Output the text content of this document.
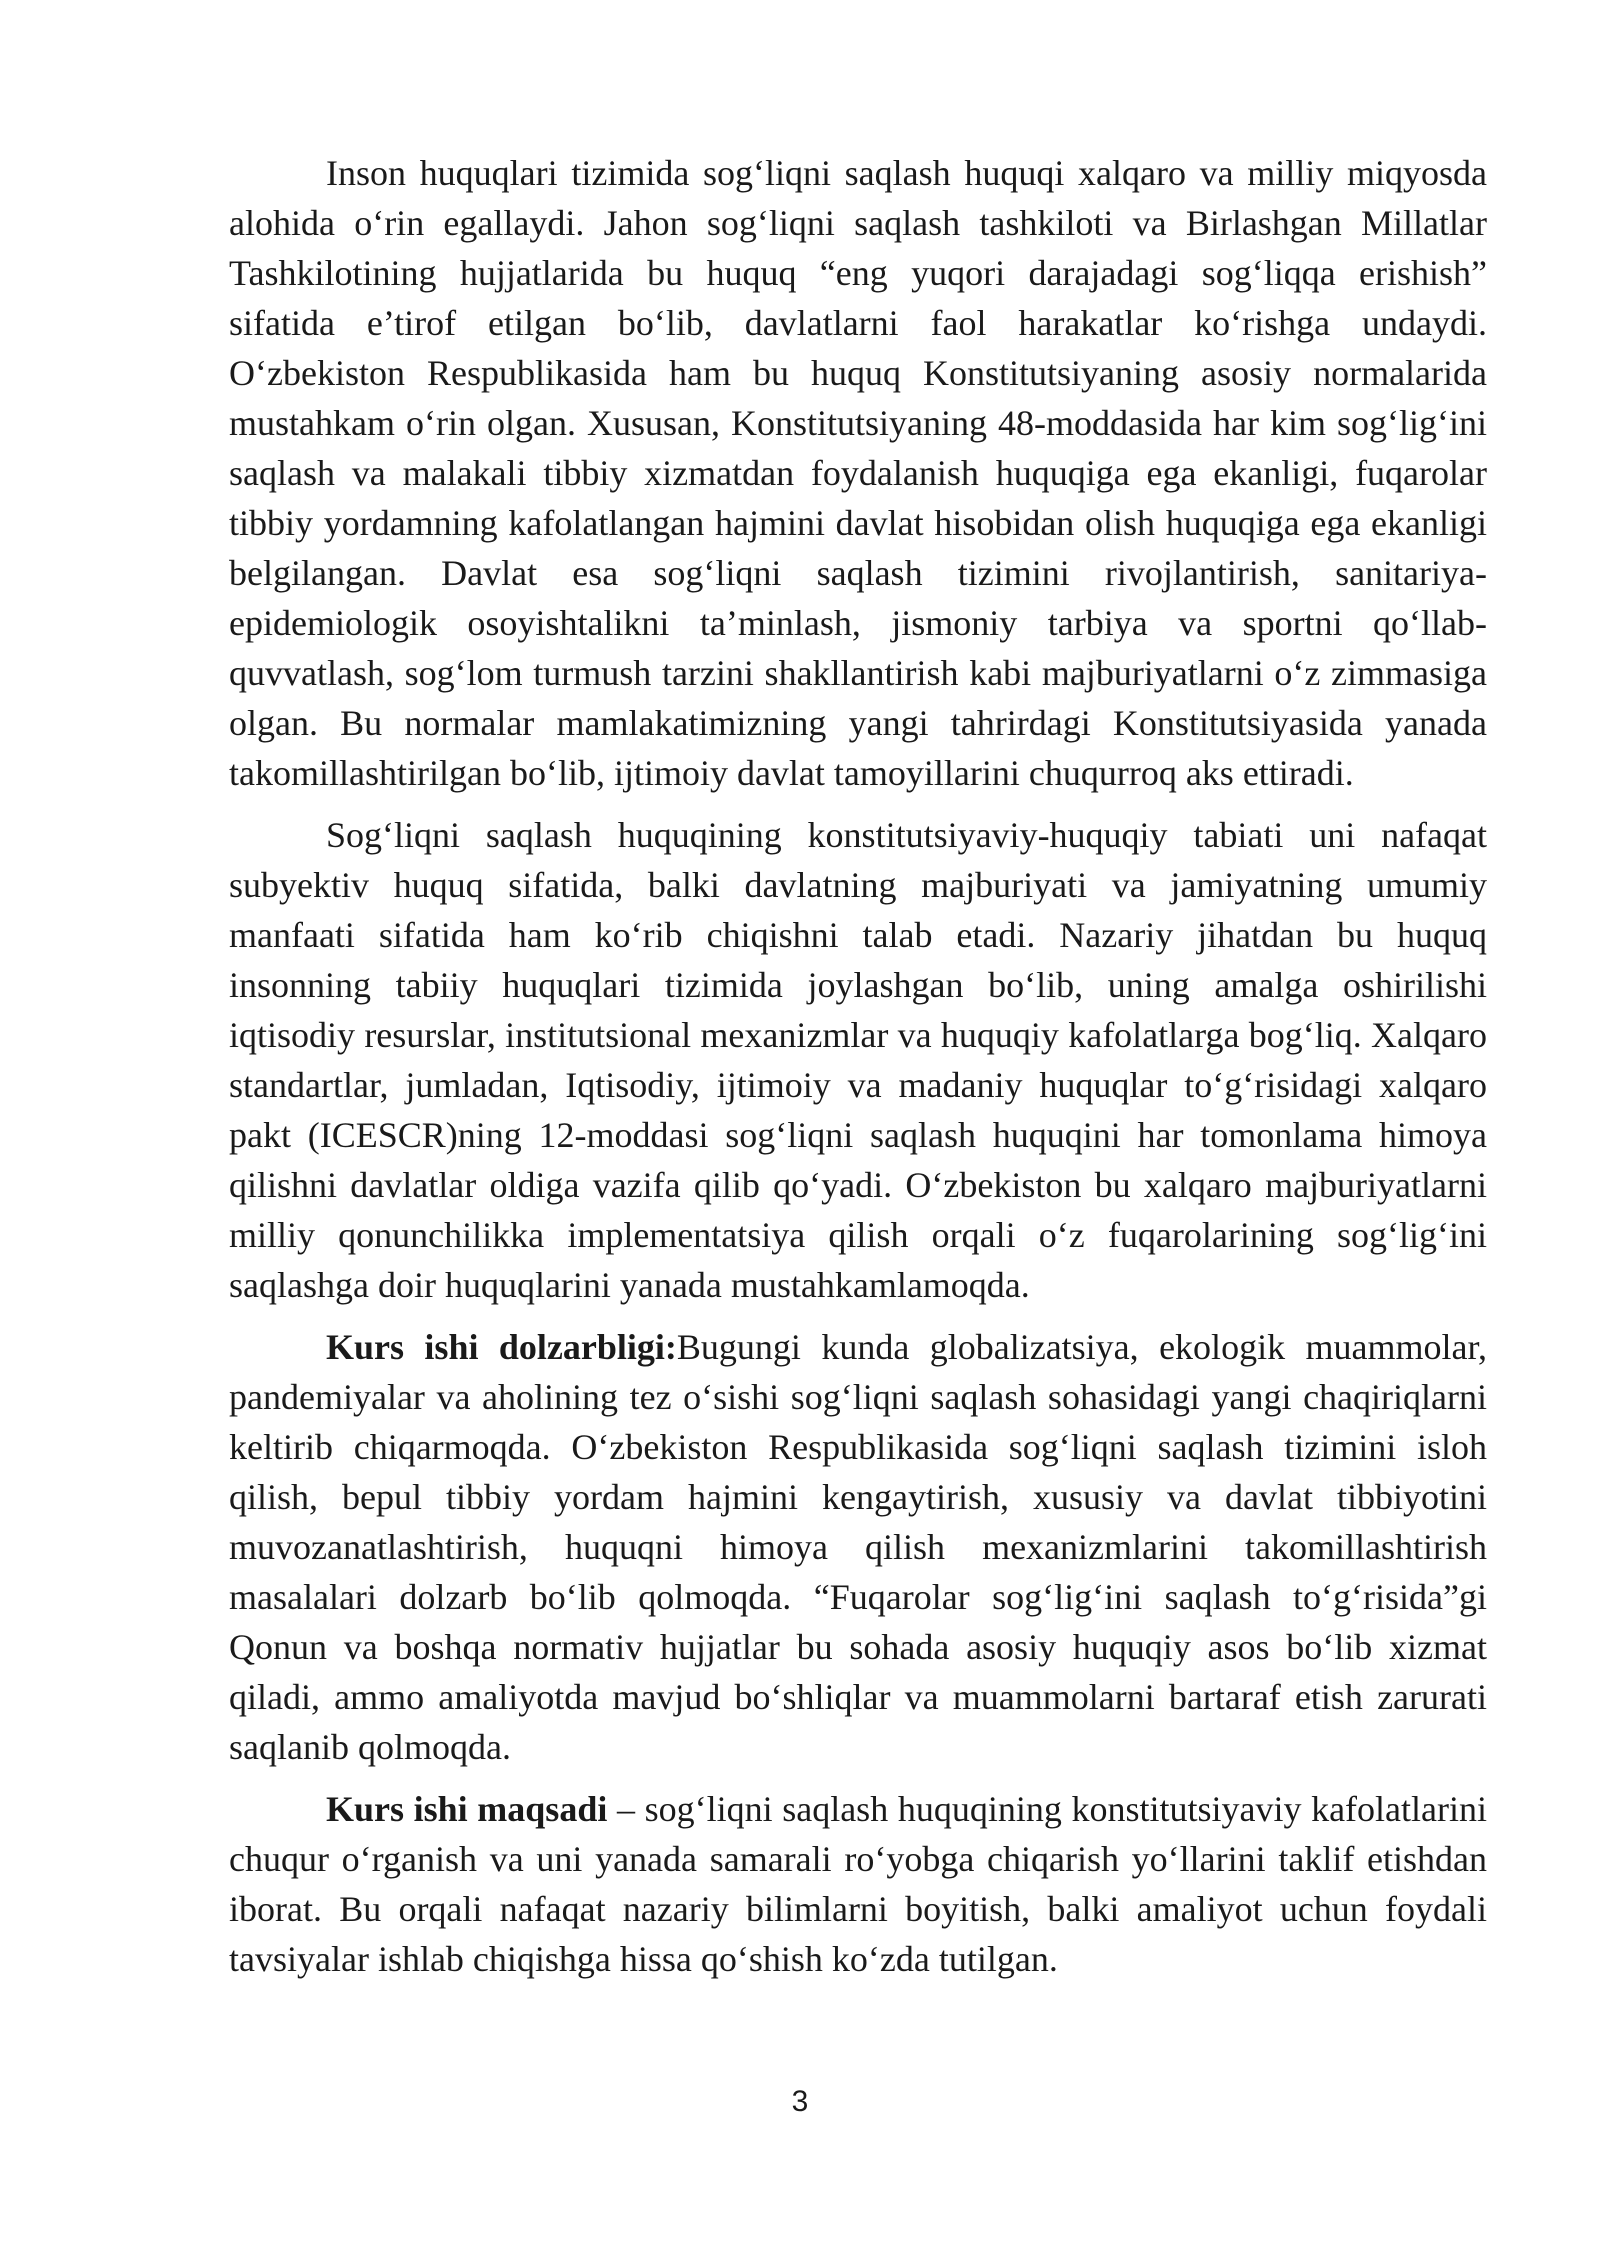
Inson huquqlari tizimida sog‘liqni saqlash huquqi xalqaro va milliy miqyosda alohida o‘rin egallaydi. Jahon sog‘liqni saqlash tashkiloti va Birlashgan Millatlar Tashkilotining hujjatlarida bu huquq “eng yuqori darajadagi sog‘liqqa erishish” sifatida e’tirof etilgan bo‘lib, davlatlarni faol harakatlar ko‘rishga undaydi. O‘zbekiston Respublikasida ham bu huquq Konstitutsiyaning asosiy normalarida mustahkam o‘rin olgan. Xususan, Konstitutsiyaning 48-moddasida har kim sog‘lig‘ini saqlash va malakali tibbiy xizmatdan foydalanish huquqiga ega ekanligi, fuqarolar tibbiy yordamning kafolatlangan hajmini davlat hisobidan olish huquqiga ega ekanligi belgilangan. Davlat esa sog‘liqni saqlash tizimini rivojlantirish, sanitariya-epidemiologik osoyishtalikni ta’minlash, jismoniy tarbiya va sportni qo‘llab-quvvatlash, sog‘lom turmush tarzini shakllantirish kabi majburiyatlarni o‘z zimmasiga olgan. Bu normalar mamlakatimizning yangi tahrirdagi Konstitutsiyasida yanada takomillashtirilgan bo‘lib, ijtimoiy davlat tamoyillarini chuqurroq aks ettiradi.

Sog‘liqni saqlash huquqining konstitutsiyaviy-huquqiy tabiati uni nafaqat subyektiv huquq sifatida, balki davlatning majburiyati va jamiyatning umumiy manfaati sifatida ham ko‘rib chiqishni talab etadi. Nazariy jihatdan bu huquq insonning tabiiy huquqlari tizimida joylashgan bo‘lib, uning amalga oshirilishi iqtisodiy resurslar, institutsional mexanizmlar va huquqiy kafolatlarga bog‘liq. Xalqaro standartlar, jumladan, Iqtisodiy, ijtimoiy va madaniy huquqlar to‘g‘risidagi xalqaro pakt (ICESCR)ning 12-moddasi sog‘liqni saqlash huquqini har tomonlama himoya qilishni davlatlar oldiga vazifa qilib qo‘yadi. O‘zbekiston bu xalqaro majburiyatlarni milliy qonunchilikka implementatsiya qilish orqali o‘z fuqarolarining sog‘lig‘ini saqlashga doir huquqlarini yanada mustahkamlamoqda.

Kurs ishi dolzarbligi:Bugungi kunda globalizatsiya, ekologik muammolar, pandemiyalar va aholining tez o‘sishi sog‘liqni saqlash sohasidagi yangi chaqiriqlarni keltirib chiqarmoqda. O‘zbekiston Respublikasida sog‘liqni saqlash tizimini isloh qilish, bepul tibbiy yordam hajmini kengaytirish, xususiy va davlat tibbiyotini muvozanatlashtirish, huquqni himoya qilish mexanizmlarini takomillashtirish masalalari dolzarb bo‘lib qolmoqda. “Fuqarolar sog‘lig‘ini saqlash to‘g‘risida”gi Qonun va boshqa normativ hujjatlar bu sohada asosiy huquqiy asos bo‘lib xizmat qiladi, ammo amaliyotda mavjud bo‘shliqlar va muammolarni bartaraf etish zarurati saqlanib qolmoqda.

Kurs ishi maqsadi – sog‘liqni saqlash huquqining konstitutsiyaviy kafolatlarini chuqur o‘rganish va uni yanada samarali ro‘yobga chiqarish yo‘llarini taklif etishdan iborat. Bu orqali nafaqat nazariy bilimlarni boyitish, balki amaliyot uchun foydali tavsiyalar ishlab chiqishga hissa qo‘shish ko‘zda tutilgan.

3
